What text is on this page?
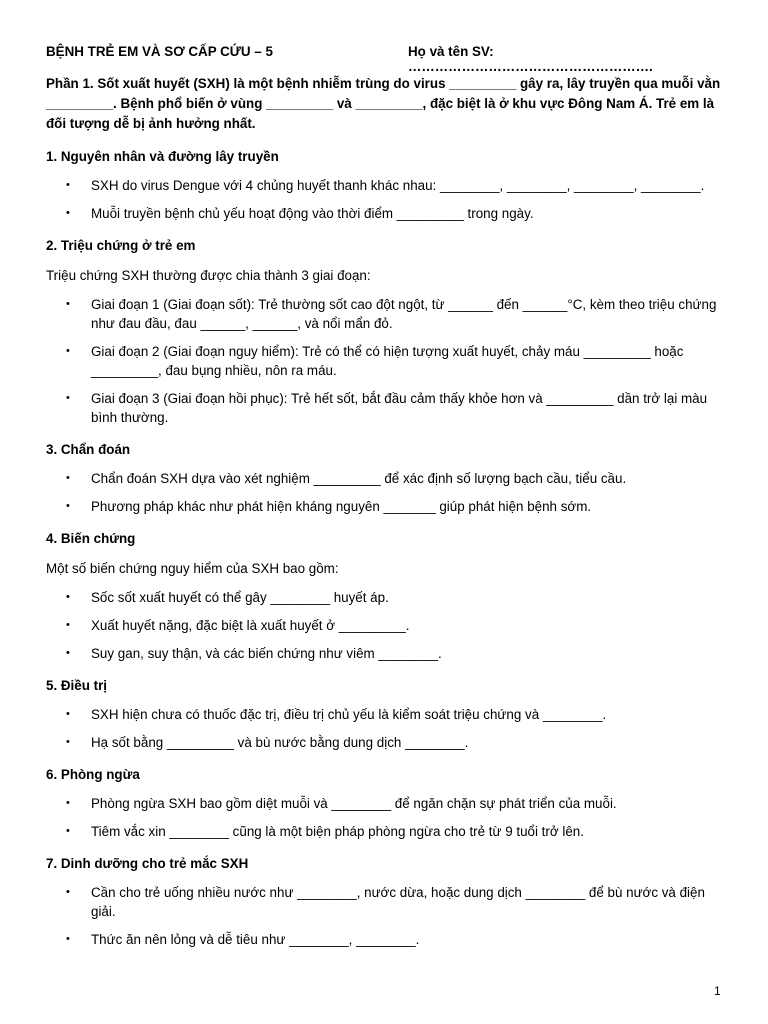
BỆNH TRẺ EM VÀ SƠ CẤP CỨU – 5	Họ và tên SV: ……………………………………………….
Phần 1. Sốt xuất huyết (SXH) là một bệnh nhiễm trùng do virus _________ gây ra, lây truyền qua muỗi vằn _________. Bệnh phổ biến ở vùng _________ và _________, đặc biệt là ở khu vực Đông Nam Á. Trẻ em là đối tượng dễ bị ảnh hưởng nhất.
1. Nguyên nhân và đường lây truyền
• SXH do virus Dengue với 4 chủng huyết thanh khác nhau: ________, ________, ________, ________.
• Muỗi truyền bệnh chủ yếu hoạt động vào thời điểm _________ trong ngày.
2. Triệu chứng ở trẻ em
Triệu chứng SXH thường được chia thành 3 giai đoạn:
• Giai đoạn 1 (Giai đoạn sốt): Trẻ thường sốt cao đột ngột, từ ______ đến ______°C, kèm theo triệu chứng như đau đầu, đau ______, ______, và nổi mẩn đỏ.
• Giai đoạn 2 (Giai đoạn nguy hiểm): Trẻ có thể có hiện tượng xuất huyết, chảy máu _________ hoặc _________, đau bụng nhiều, nôn ra máu.
• Giai đoạn 3 (Giai đoạn hồi phục): Trẻ hết sốt, bắt đầu cảm thấy khỏe hơn và _________ dần trở lại màu bình thường.
3. Chẩn đoán
• Chẩn đoán SXH dựa vào xét nghiệm _________ để xác định số lượng bạch cầu, tiểu cầu.
• Phương pháp khác như phát hiện kháng nguyên _______ giúp phát hiện bệnh sớm.
4. Biến chứng
Một số biến chứng nguy hiểm của SXH bao gồm:
• Sốc sốt xuất huyết có thể gây ________ huyết áp.
• Xuất huyết nặng, đặc biệt là xuất huyết ở _________.
• Suy gan, suy thận, và các biến chứng như viêm ________.
5. Điều trị
• SXH hiện chưa có thuốc đặc trị, điều trị chủ yếu là kiểm soát triệu chứng và ________.
• Hạ sốt bằng _________ và bù nước bằng dung dịch ________.
6. Phòng ngừa
• Phòng ngừa SXH bao gồm diệt muỗi và ________ để ngăn chặn sự phát triển của muỗi.
• Tiêm vắc xin ________ cũng là một biện pháp phòng ngừa cho trẻ từ 9 tuổi trở lên.
7. Dinh dưỡng cho trẻ mắc SXH
• Cần cho trẻ uống nhiều nước như ________, nước dừa, hoặc dung dịch ________ để bù nước và điện giải.
• Thức ăn nên lỏng và dễ tiêu như ________, ________.
1
